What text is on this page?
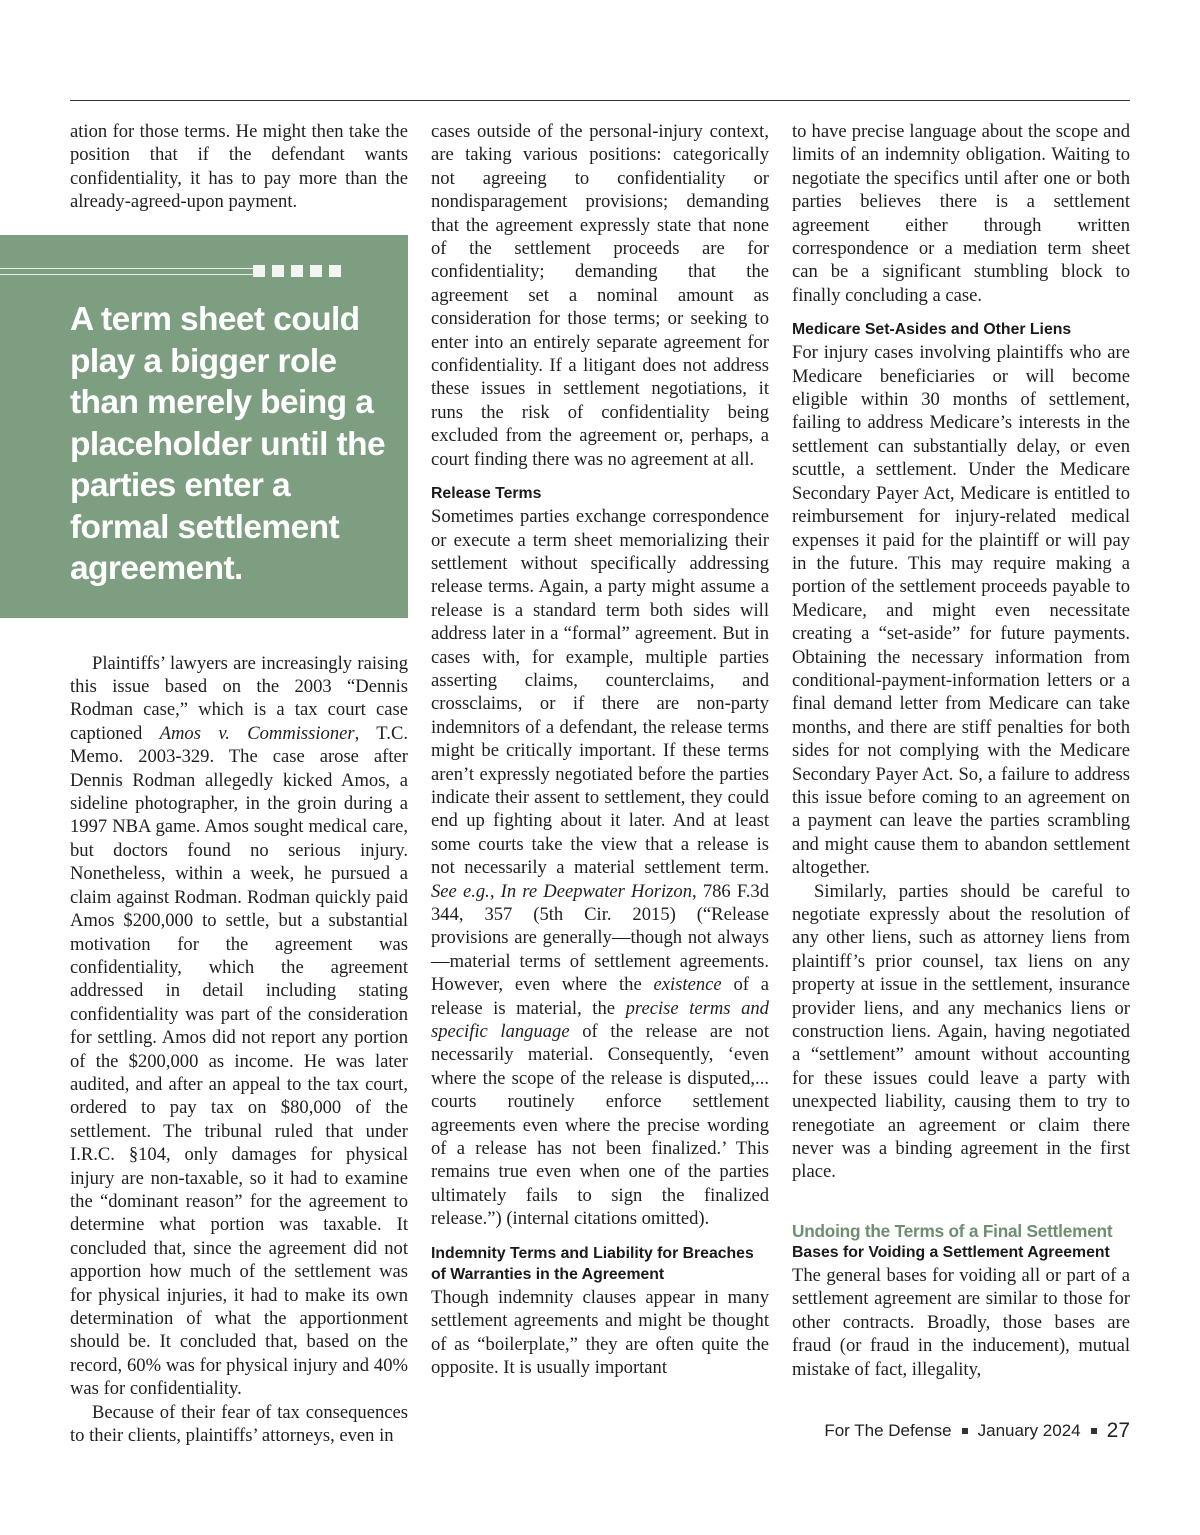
ation for those terms. He might then take the position that if the defendant wants confidentiality, it has to pay more than the already-agreed-upon payment.

Plaintiffs’ lawyers are increasingly raising this issue based on the 2003 “Dennis Rodman case,” which is a tax court case captioned Amos v. Commissioner, T.C. Memo. 2003-329. The case arose after Dennis Rodman allegedly kicked Amos, a sideline photographer, in the groin during a 1997 NBA game. Amos sought medical care, but doctors found no serious injury. Nonetheless, within a week, he pursued a claim against Rodman. Rodman quickly paid Amos $200,000 to settle, but a substantial motivation for the agreement was confidentiality, which the agreement addressed in detail including stating confidentiality was part of the consideration for settling. Amos did not report any portion of the $200,000 as income. He was later audited, and after an appeal to the tax court, ordered to pay tax on $80,000 of the settlement. The tribunal ruled that under I.R.C. §104, only damages for physical injury are non-taxable, so it had to examine the “dominant reason” for the agreement to determine what portion was taxable. It concluded that, since the agreement did not apportion how much of the settlement was for physical injuries, it had to make its own determination of what the apportionment should be. It concluded that, based on the record, 60% was for physical injury and 40% was for confidentiality.

Because of their fear of tax consequences to their clients, plaintiffs’ attorneys, even in

A term sheet could play a bigger role than merely being a placeholder until the parties enter a formal settlement agreement.

cases outside of the personal-injury context, are taking various positions: categorically not agreeing to confidentiality or nondisparagement provisions; demanding that the agreement expressly state that none of the settlement proceeds are for confidentiality; demanding that the agreement set a nominal amount as consideration for those terms; or seeking to enter into an entirely separate agreement for confidentiality. If a litigant does not address these issues in settlement negotiations, it runs the risk of confidentiality being excluded from the agreement or, perhaps, a court finding there was no agreement at all.

Release Terms

Sometimes parties exchange correspondence or execute a term sheet memorializing their settlement without specifically addressing release terms. Again, a party might assume a release is a standard term both sides will address later in a “formal” agreement. But in cases with, for example, multiple parties asserting claims, counterclaims, and crossclaims, or if there are non-party indemnitors of a defendant, the release terms might be critically important. If these terms aren’t expressly negotiated before the parties indicate their assent to settlement, they could end up fighting about it later. And at least some courts take the view that a release is not necessarily a material settlement term. See e.g., In re Deepwater Horizon, 786 F.3d 344, 357 (5th Cir. 2015) (“Release provisions are generally—though not always—material terms of settlement agreements. However, even where the existence of a release is material, the precise terms and specific language of the release are not necessarily material. Consequently, ‘even where the scope of the release is disputed,... courts routinely enforce settlement agreements even where the precise wording of a release has not been finalized.’ This remains true even when one of the parties ultimately fails to sign the finalized release.”) (internal citations omitted).

Indemnity Terms and Liability for Breaches of Warranties in the Agreement

Though indemnity clauses appear in many settlement agreements and might be thought of as “boilerplate,” they are often quite the opposite. It is usually important

to have precise language about the scope and limits of an indemnity obligation. Waiting to negotiate the specifics until after one or both parties believes there is a settlement agreement either through written correspondence or a mediation term sheet can be a significant stumbling block to finally concluding a case.

Medicare Set-Asides and Other Liens

For injury cases involving plaintiffs who are Medicare beneficiaries or will become eligible within 30 months of settlement, failing to address Medicare’s interests in the settlement can substantially delay, or even scuttle, a settlement. Under the Medicare Secondary Payer Act, Medicare is entitled to reimbursement for injury-related medical expenses it paid for the plaintiff or will pay in the future. This may require making a portion of the settlement proceeds payable to Medicare, and might even necessitate creating a “set-aside” for future payments. Obtaining the necessary information from conditional-payment-information letters or a final demand letter from Medicare can take months, and there are stiff penalties for both sides for not complying with the Medicare Secondary Payer Act. So, a failure to address this issue before coming to an agreement on a payment can leave the parties scrambling and might cause them to abandon settlement altogether.

Similarly, parties should be careful to negotiate expressly about the resolution of any other liens, such as attorney liens from plaintiff’s prior counsel, tax liens on any property at issue in the settlement, insurance provider liens, and any mechanics liens or construction liens. Again, having negotiated a “settlement” amount without accounting for these issues could leave a party with unexpected liability, causing them to try to renegotiate an agreement or claim there never was a binding agreement in the first place.

Undoing the Terms of a Final Settlement
Bases for Voiding a Settlement Agreement

The general bases for voiding all or part of a settlement agreement are similar to those for other contracts. Broadly, those bases are fraud (or fraud in the inducement), mutual mistake of fact, illegality,

For The Defense January 2024 27
